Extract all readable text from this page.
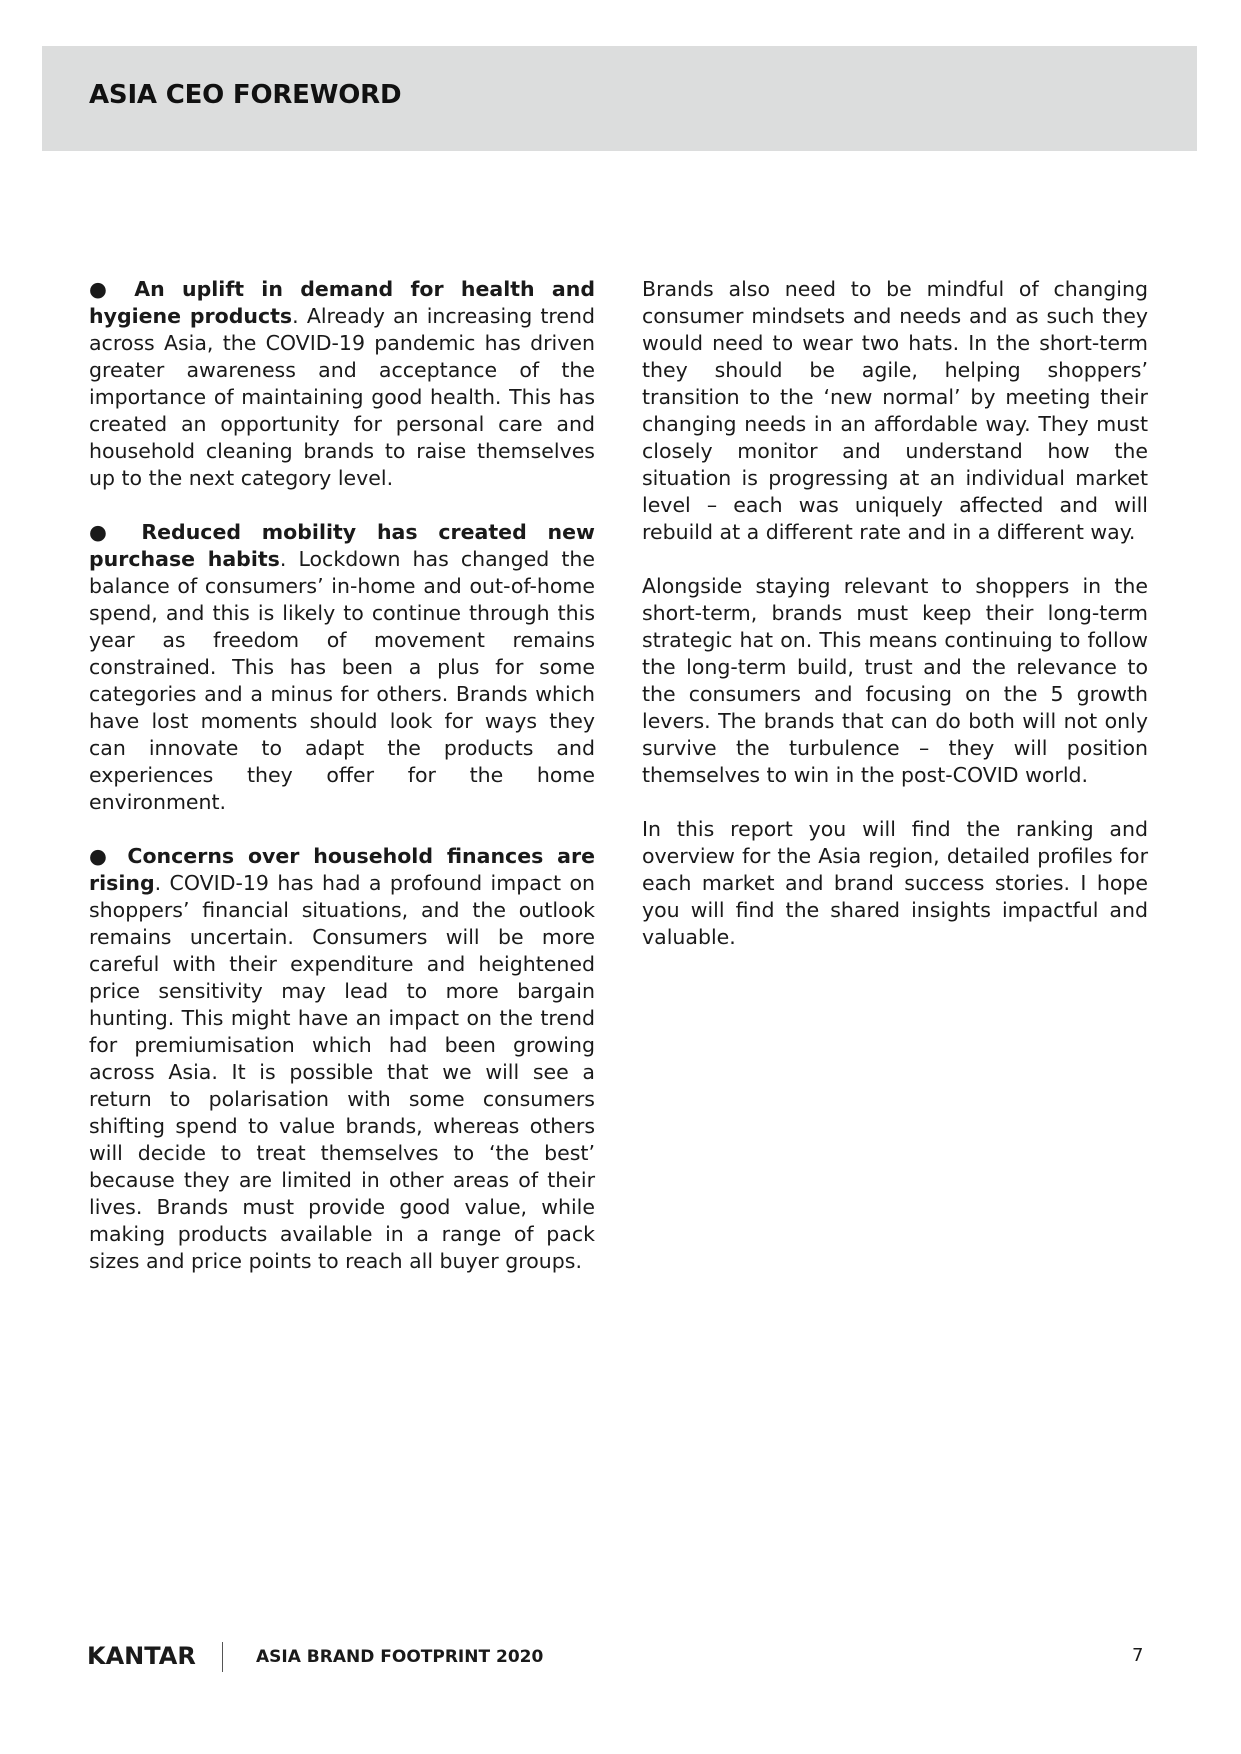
ASIA CEO FOREWORD

● An uplift in demand for health and hygiene products. Already an increasing trend across Asia, the COVID-19 pandemic has driven greater awareness and acceptance of the importance of maintaining good health. This has created an opportunity for personal care and household cleaning brands to raise themselves up to the next category level.

● Reduced mobility has created new purchase habits. Lockdown has changed the balance of consumers’ in-home and out-of-home spend, and this is likely to continue through this year as freedom of movement remains constrained. This has been a plus for some categories and a minus for others. Brands which have lost moments should look for ways they can innovate to adapt the products and experiences they offer for the home environment.

● Concerns over household finances are rising. COVID-19 has had a profound impact on shoppers’ financial situations, and the outlook remains uncertain. Consumers will be more careful with their expenditure and heightened price sensitivity may lead to more bargain hunting. This might have an impact on the trend for premiumisation which had been growing across Asia. It is possible that we will see a return to polarisation with some consumers shifting spend to value brands, whereas others will decide to treat themselves to ‘the best’ because they are limited in other areas of their lives. Brands must provide good value, while making products available in a range of pack sizes and price points to reach all buyer groups.

Brands also need to be mindful of changing consumer mindsets and needs and as such they would need to wear two hats. In the short-term they should be agile, helping shoppers’ transition to the ‘new normal’ by meeting their changing needs in an affordable way. They must closely monitor and understand how the situation is progressing at an individual market level – each was uniquely affected and will rebuild at a different rate and in a different way.

Alongside staying relevant to shoppers in the short-term, brands must keep their long-term strategic hat on. This means continuing to follow the long-term build, trust and the relevance to the consumers and focusing on the 5 growth levers. The brands that can do both will not only survive the turbulence – they will position themselves to win in the post-COVID world.

In this report you will find the ranking and overview for the Asia region, detailed profiles for each market and brand success stories. I hope you will find the shared insights impactful and valuable.

KANTAR	ASIA BRAND FOOTPRINT 2020	7
